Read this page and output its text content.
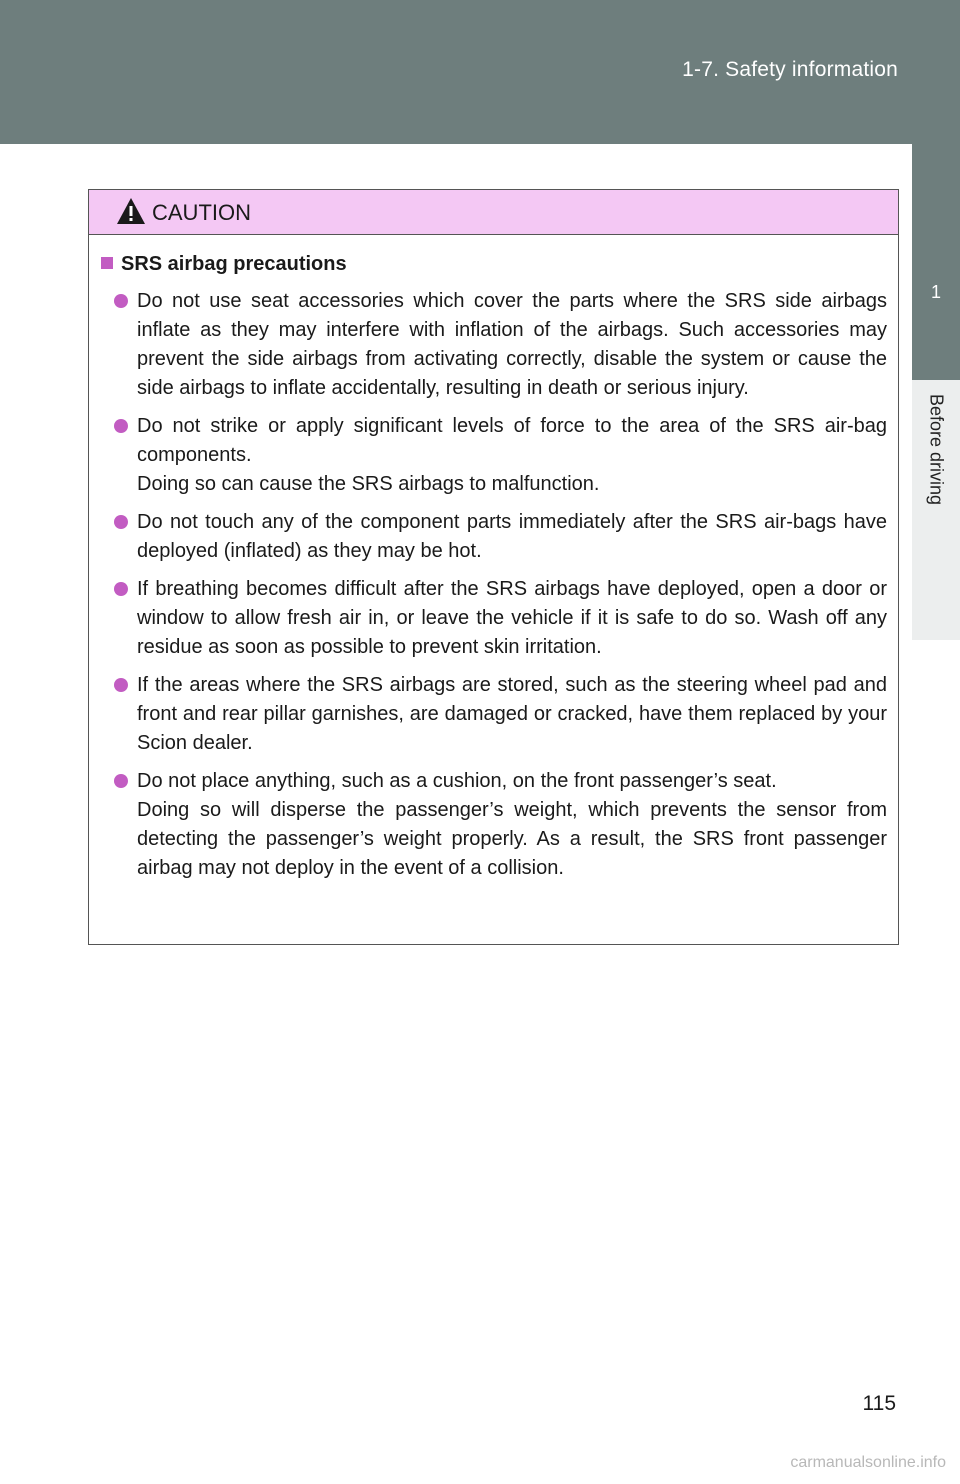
1-7. Safety information
1
Before driving
CAUTION
SRS airbag precautions

Do not use seat accessories which cover the parts where the SRS side airbags inflate as they may interfere with inflation of the airbags. Such accessories may prevent the side airbags from activating correctly, disable the system or cause the side airbags to inflate accidentally, resulting in death or serious injury.

Do not strike or apply significant levels of force to the area of the SRS air-bag components.

Doing so can cause the SRS airbags to malfunction.

Do not touch any of the component parts immediately after the SRS air-bags have deployed (inflated) as they may be hot.

If breathing becomes difficult after the SRS airbags have deployed, open a door or window to allow fresh air in, or leave the vehicle if it is safe to do so. Wash off any residue as soon as possible to prevent skin irritation.

If the areas where the SRS airbags are stored, such as the steering wheel pad and front and rear pillar garnishes, are damaged or cracked, have them replaced by your Scion dealer.

Do not place anything, such as a cushion, on the front passenger’s seat.

Doing so will disperse the passenger’s weight, which prevents the sensor from detecting the passenger’s weight properly. As a result, the SRS front passenger airbag may not deploy in the event of a collision.

115
carmanualsonline.info
